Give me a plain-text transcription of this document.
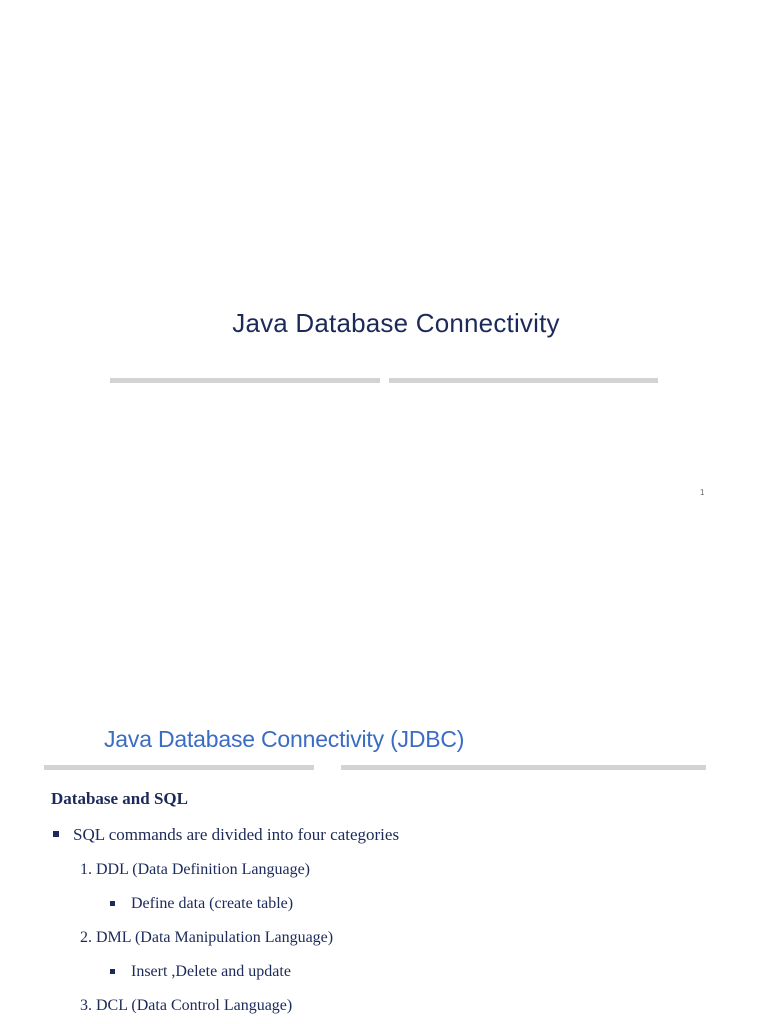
Java Database Connectivity
1
Java Database Connectivity (JDBC)
Database and SQL
SQL commands are divided into four categories
1. DDL (Data Definition Language)
Define data (create table)
2. DML (Data Manipulation Language)
Insert ,Delete and update
3. DCL (Data Control Language)
